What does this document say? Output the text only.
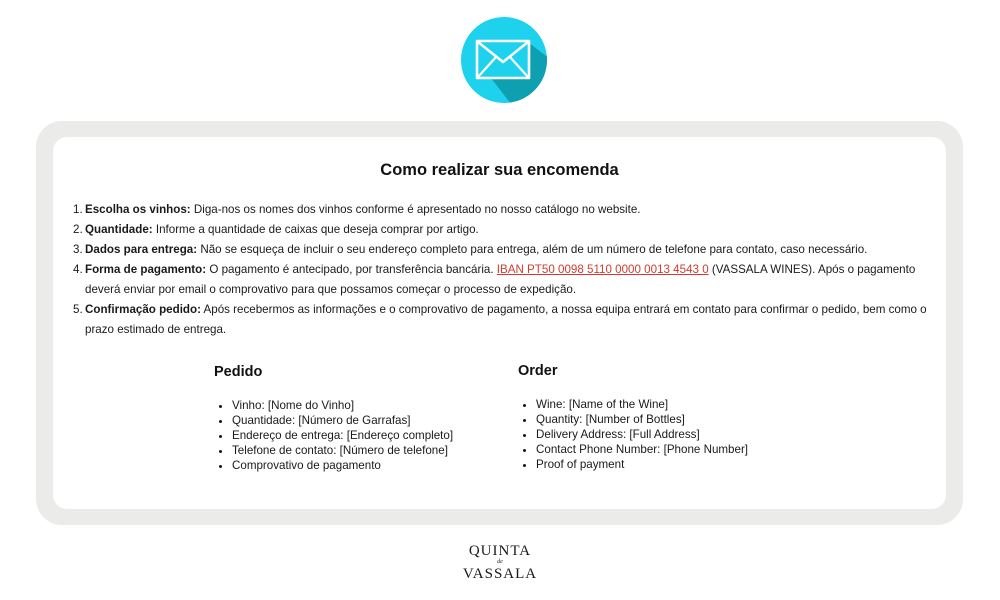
Como realizar sua encomenda
1. Escolha os vinhos: Diga-nos os nomes dos vinhos conforme é apresentado no nosso catálogo no website.
2. Quantidade: Informe a quantidade de caixas que deseja comprar por artigo.
3. Dados para entrega: Não se esqueça de incluir o seu endereço completo para entrega, além de um número de telefone para contato, caso necessário.
4. Forma de pagamento: O pagamento é antecipado, por transferência bancária. IBAN PT50 0098 5110 0000 0013 4543 0 (VASSALA WINES). Após o pagamento deverá enviar por email o comprovativo para que possamos começar o processo de expedição.
5. Confirmação pedido: Após recebermos as informações e o comprovativo de pagamento, a nossa equipa entrará em contato para confirmar o pedido, bem como o prazo estimado de entrega.
Pedido
• Vinho: [Nome do Vinho]
• Quantidade: [Número de Garrafas]
• Endereço de entrega: [Endereço completo]
• Telefone de contato: [Número de telefone]
• Comprovativo de pagamento
Order
• Wine: [Name of the Wine]
• Quantity: [Number of Bottles]
• Delivery Address: [Full Address]
• Contact Phone Number: [Phone Number]
• Proof of payment
QUINTA
de
VASSALA
